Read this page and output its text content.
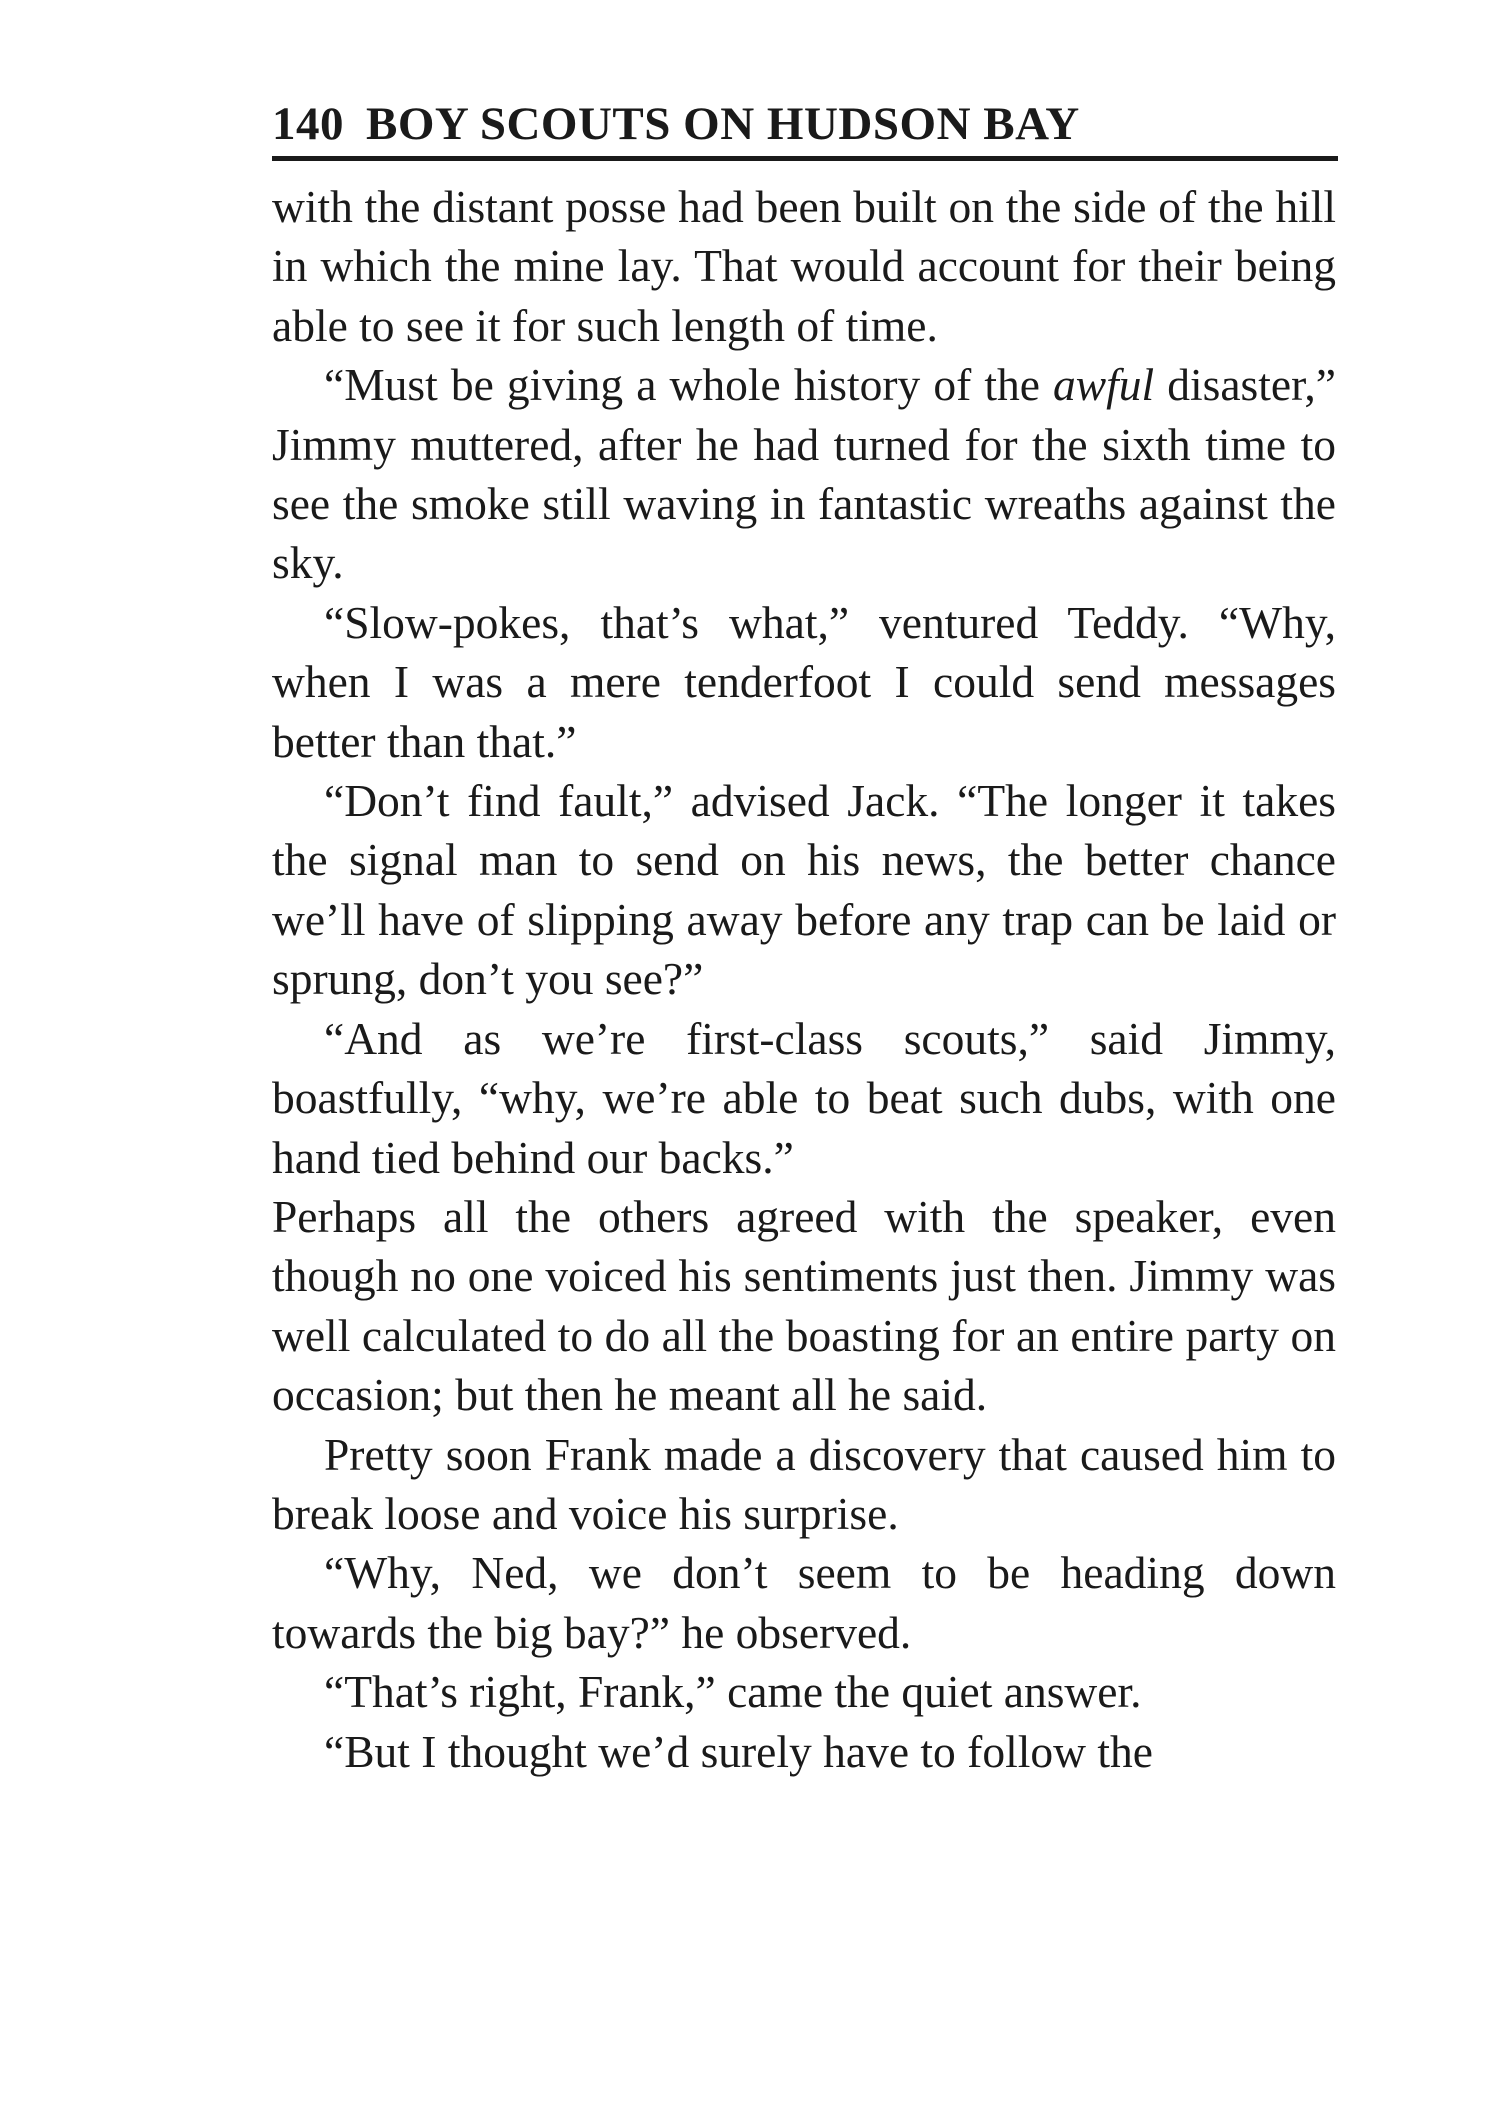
140 BOY SCOUTS ON HUDSON BAY

with the distant posse had been built on the side of the hill in which the mine lay. That would account for their being able to see it for such length of time.

“Must be giving a whole history of the awful disaster,” Jimmy muttered, after he had turned for the sixth time to see the smoke still waving in fantastic wreaths against the sky.

“Slow-pokes, that’s what,” ventured Teddy. “Why, when I was a mere tenderfoot I could send messages better than that.”

“Don’t find fault,” advised Jack. “The longer it takes the signal man to send on his news, the better chance we’ll have of slipping away before any trap can be laid or sprung, don’t you see?”

“And as we’re first-class scouts,” said Jimmy, boastfully, “why, we’re able to beat such dubs, with one hand tied behind our backs.”

Perhaps all the others agreed with the speaker, even though no one voiced his sentiments just then. Jimmy was well calculated to do all the boasting for an entire party on occasion; but then he meant all he said.

Pretty soon Frank made a discovery that caused him to break loose and voice his surprise.

“Why, Ned, we don’t seem to be heading down towards the big bay?” he observed.

“That’s right, Frank,” came the quiet answer.

“But I thought we’d surely have to follow the
